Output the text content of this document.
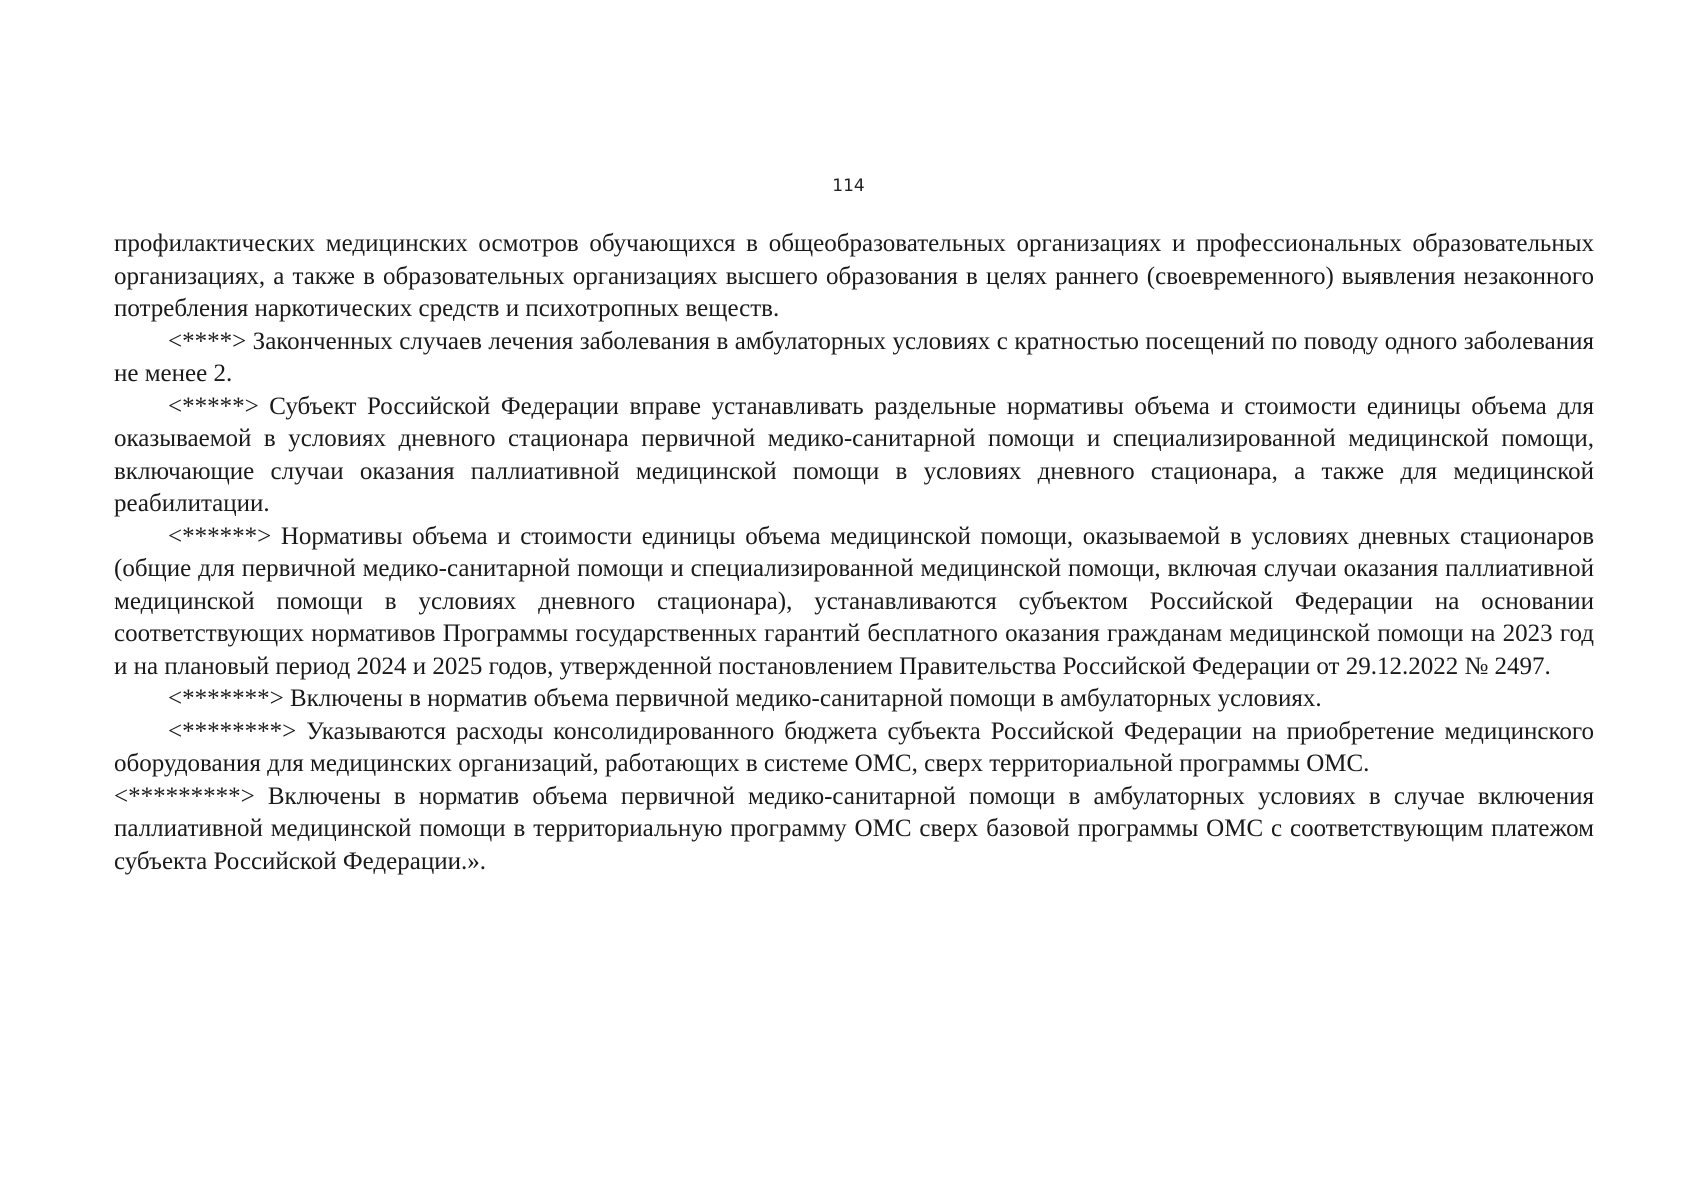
114

профилактических медицинских осмотров обучающихся в общеобразовательных организациях и профессиональных образовательных организациях, а также в образовательных организациях высшего образования в целях раннего (своевременного) выявления незаконного потребления наркотических средств и психотропных веществ.

<****> Законченных случаев лечения заболевания в амбулаторных условиях с кратностью посещений по поводу одного заболевания не менее 2.

<*****> Субъект Российской Федерации вправе устанавливать раздельные нормативы объема и стоимости единицы объема для оказываемой в условиях дневного стационара первичной медико-санитарной помощи и специализированной медицинской помощи, включающие случаи оказания паллиативной медицинской помощи в условиях дневного стационара, а также для медицинской реабилитации.

<******> Нормативы объема и стоимости единицы объема медицинской помощи, оказываемой в условиях дневных стационаров (общие для первичной медико-санитарной помощи и специализированной медицинской помощи, включая случаи оказания паллиативной медицинской помощи в условиях дневного стационара), устанавливаются субъектом Российской Федерации на основании соответствующих нормативов Программы государственных гарантий бесплатного оказания гражданам медицинской помощи на 2023 год и на плановый период 2024 и 2025 годов, утвержденной постановлением Правительства Российской Федерации от 29.12.2022 № 2497.

<*******> Включены в норматив объема первичной медико-санитарной помощи в амбулаторных условиях.

<********> Указываются расходы консолидированного бюджета субъекта Российской Федерации на приобретение медицинского оборудования для медицинских организаций, работающих в системе ОМС, сверх территориальной программы ОМС.

<*********> Включены в норматив объема первичной медико-санитарной помощи в амбулаторных условиях в случае включения паллиативной медицинской помощи в территориальную программу ОМС сверх базовой программы ОМС с соответствующим платежом субъекта Российской Федерации.».
